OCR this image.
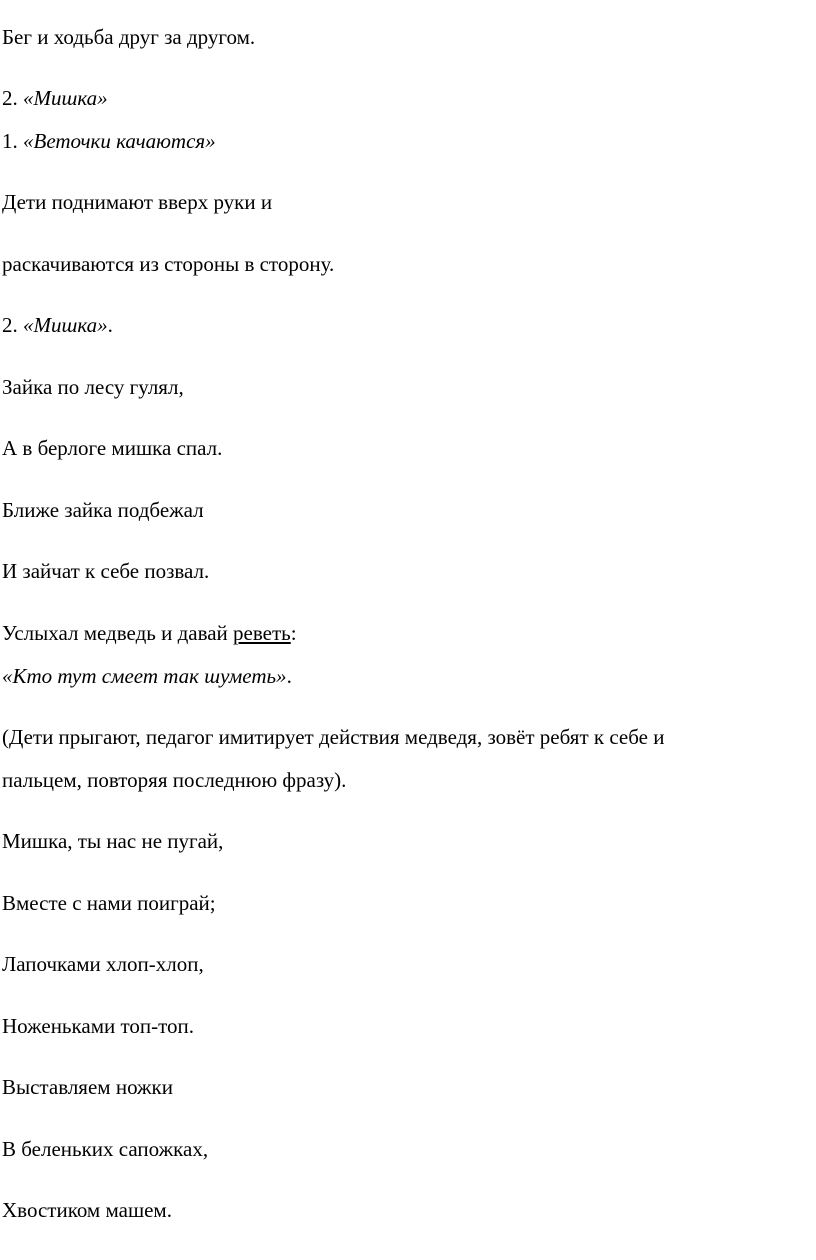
Бег и ходьба друг за другом.
2. «Мишка»
1. «Веточки качаются»
Дети поднимают вверх руки и
раскачиваются из стороны в сторону.
2. «Мишка».
Зайка по лесу гулял,
А в берлоге мишка спал.
Ближе зайка подбежал
И зайчат к себе позвал.
Услыхал медведь и давай реветь:
«Кто тут смеет так шуметь».
(Дети прыгают, педагог имитирует действия медведя, зовёт ребят к себе и
пальцем, повторяя последнюю фразу).
Мишка, ты нас не пугай,
Вместе с нами поиграй;
Лапочками хлоп-хлоп,
Ноженьками топ-топ.
Выставляем ножки
В беленьких сапожках,
Хвостиком машем.
